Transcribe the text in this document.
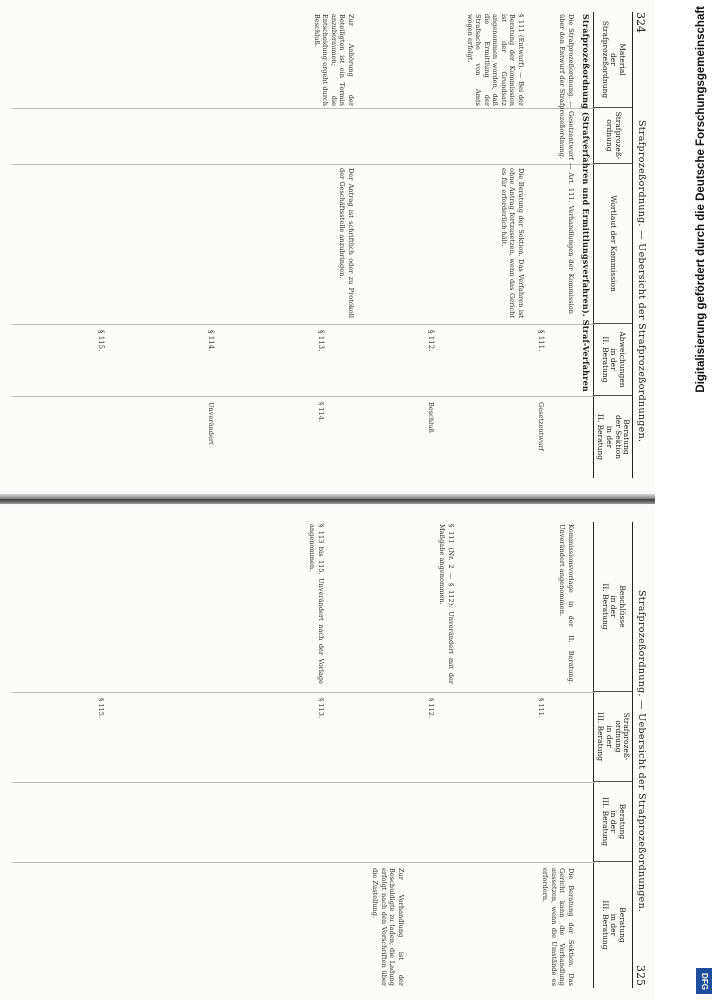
324
Strafprozeßordnung. — Uebersicht der Strafprozeßordnungen.
Material
der
Strafprozeßordnung
Strafprozeß-
ordnung
Wortlaut der Kommission
Abweichungen
in der
II. Beratung
Beratung
der Sektion
in der
II. Beratung
Strafprozeßordnung (Strafverfahren und Ermittlungsverfahren). Straf-Verfahren
Die Strafprozeßordnung. — Gesetzentwurf — Art. 111. Verhandlungen der Kommission über den Entwurf der Strafprozeßordnung.
§ 111 (Entwurf). — Bei der Beratung der Kommission ist der Grundsatz angenommen worden, daß die Ermittlung der Strafsache von Amts wegen erfolgt.
Die Beratung der Sektion. Das Verfahren ist ohne Antrag fortzusetzen, wenn das Gericht es für erforderlich hält.
Zur Anhörung der Beteiligten ist ein Termin anzuberaumen; die Entscheidung ergeht durch Beschluß.
Der Antrag ist schriftlich oder zu Protokoll der Geschäftsstelle anzubringen.
§ 111.
§ 112.
§ 113.
§ 114.
§ 115.
Gesetzentwurf
Beschluß
§ 114.
Unverändert
Strafprozeßordnung. — Uebersicht der Strafprozeßordnungen.
325
Beschlüsse
in der
II. Beratung
Strafprozeß-
ordnung
in der
III. Beratung
Beratung
in der
III. Beratung
Beratung
in der
III. Beratung
Kommissionsvorlage in der II. Beratung. Unverändert angenommen.
§ 111 (Nr. 2 — § 112). Unverändert mit der Maßgabe angenommen.
§ 113 bis 115. Unverändert nach der Vorlage angenommen.
Die Beratung der Sektion. Das Gericht kann die Verhandlung aussetzen, wenn die Umstände es erfordern.
Zur Verhandlung ist der Beschuldigte zu laden; die Ladung erfolgt nach den Vorschriften über die Zustellung.
§ 111.
§ 112.
§ 113.
§ 115.
Digitalisierung gefördert durch die Deutsche Forschungsgemeinschaft
DFG
